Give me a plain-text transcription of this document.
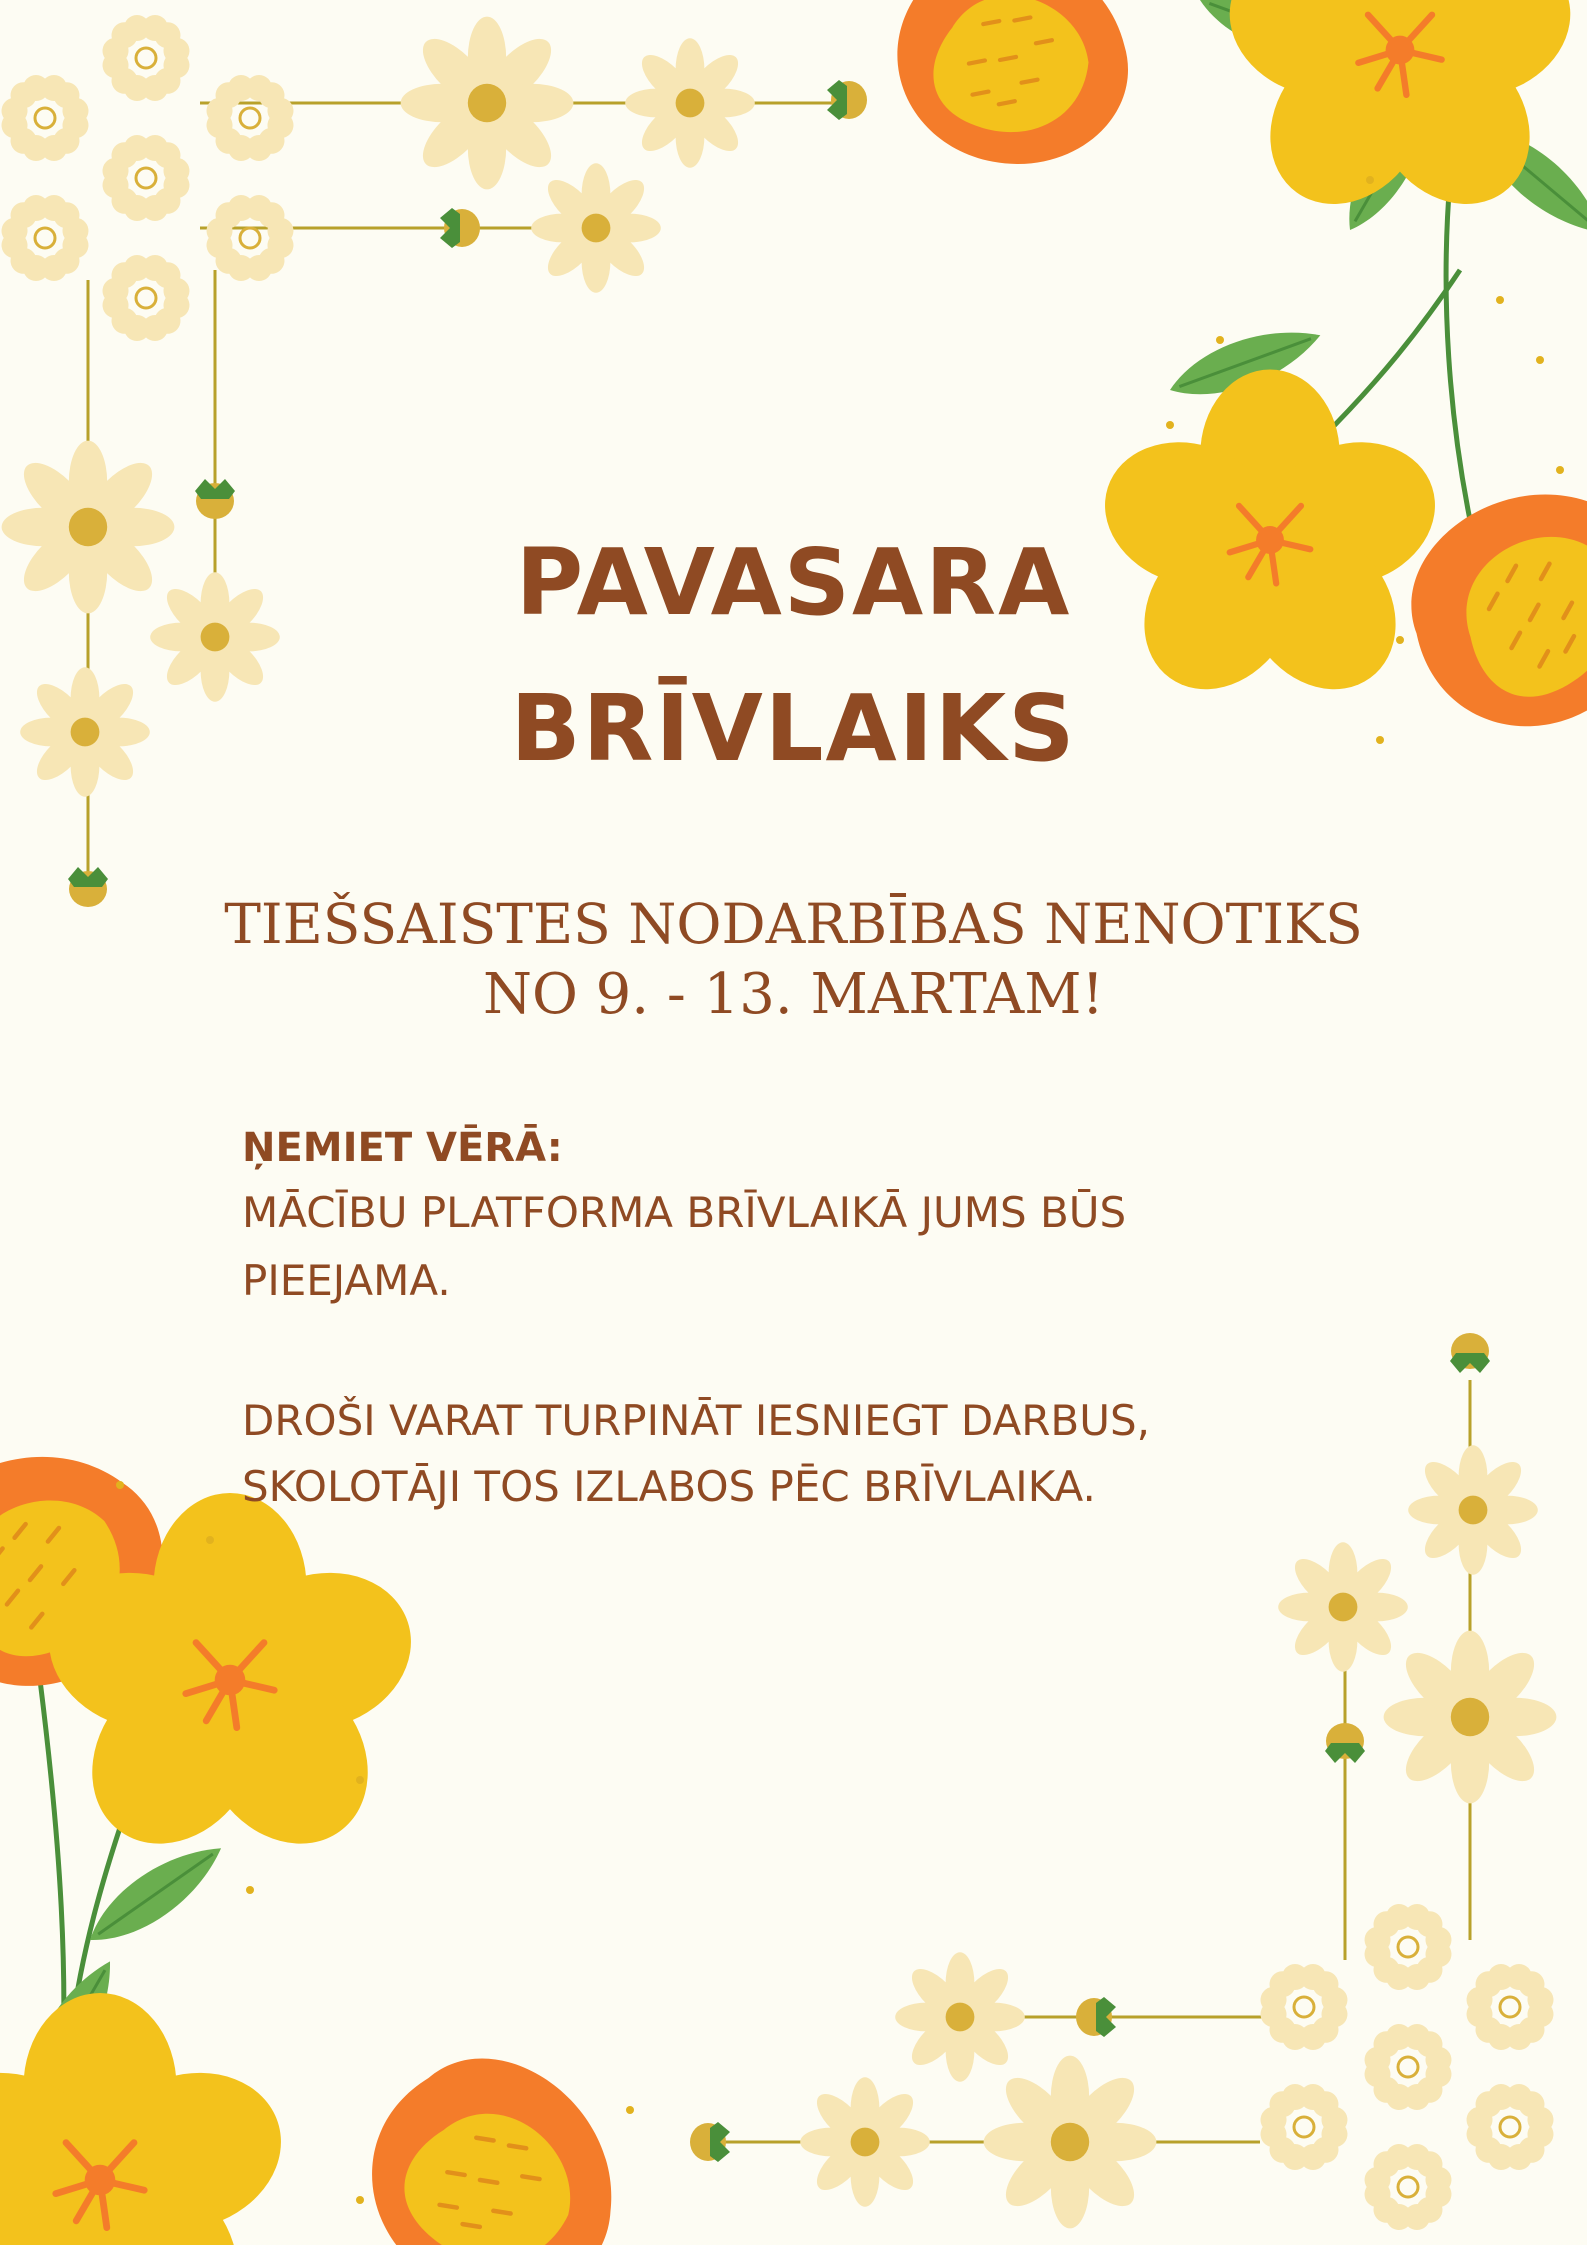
PAVASARA
BRĪVLAIKS
TIEŠSAISTES NODARBĪBAS NENOTIKS
NO 9. - 13. MARTAM!
ŅEMIET VĒRĀ:
MĀCĪBU PLATFORMA BRĪVLAIKĀ JUMS BŪS
PIEEJAMA.
DROŠI VARAT TURPINĀT IESNIEGT DARBUS,
SKOLOTĀJI TOS IZLABOS PĒC BRĪVLAIKA.
